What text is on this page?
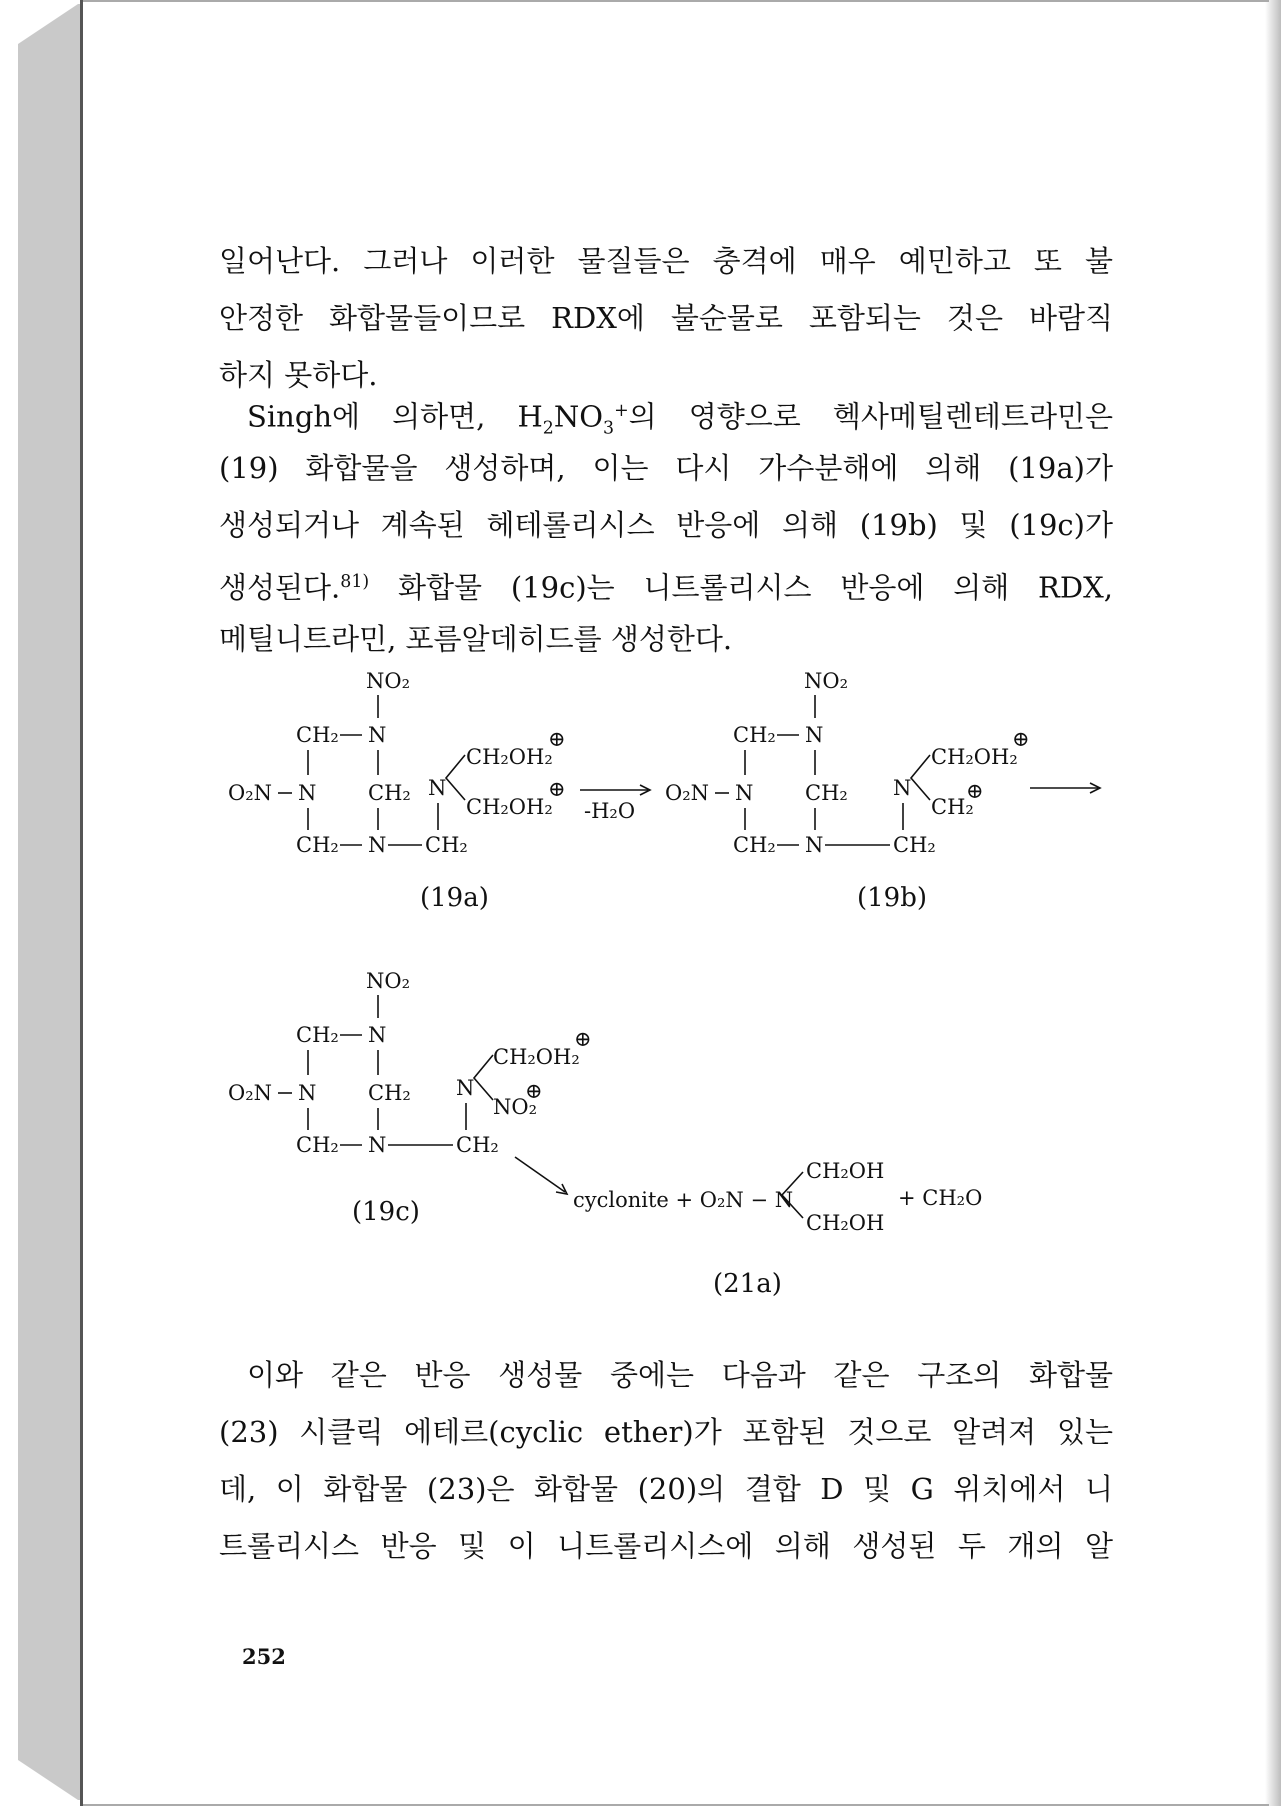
일어난다. 그러나 이러한 물질들은 충격에 매우 예민하고 또 불
안정한 화합물들이므로 RDX에 불순물로 포함되는 것은 바람직
하지 못하다.
Singh에 의하면, $H_2NO_3^+$의 영향으로 헥사메틸렌테트라민은
(19) 화합물을 생성하며, 이는 다시 가수분해에 의해 (19a)가
생성되거나 계속된 헤테롤리시스 반응에 의해 (19b) 및 (19c)가
생성된다.$^{81)}$ 화합물 (19c)는 니트롤리시스 반응에 의해 RDX,
메틸니트라민, 포름알데히드를 생성한다.
NO₂
CH₂ N
O₂N N CH₂
CH₂ N CH₂
N
CH₂OH₂
⊕
CH₂OH₂
⊕
(19a)
-H₂O
NO₂
CH₂ N
O₂N N CH₂
CH₂ N	CH₂
N
CH₂OH₂
⊕
CH₂
⊕
(19b)
NO₂
CH₂ N
O₂N N CH₂
CH₂ N	CH₂
N
CH₂OH₂
⊕
NO₂
⊕
(19c)	cyclonite + O₂N − N
CH₂OH
CH₂OH
+ CH₂O
(21a)
이와 같은 반응 생성물 중에는 다음과 같은 구조의 화합물
(23) 시클릭 에테르(cyclic ether)가 포함된 것으로 알려져 있는
데, 이 화합물 (23)은 화합물 (20)의 결합 D 및 G 위치에서 니
트롤리시스 반응 및 이 니트롤리시스에 의해 생성된 두 개의 알
252
